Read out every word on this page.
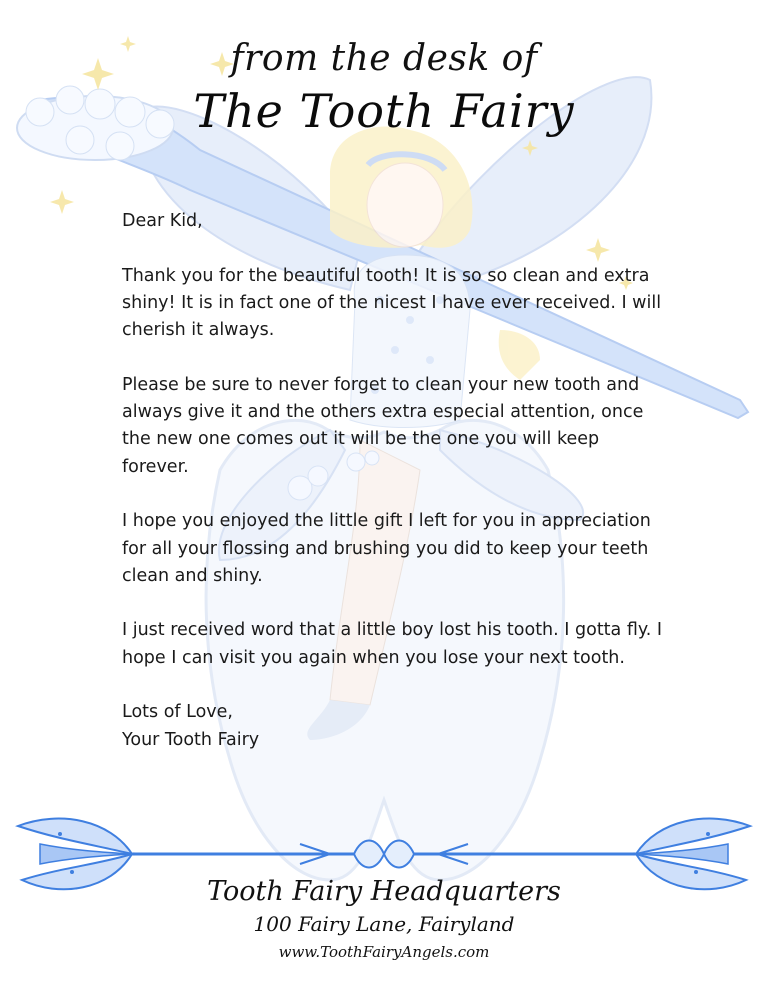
from the desk of
The Tooth Fairy

Dear Kid,

Thank you for the beautiful tooth! It is so so clean and extra shiny! It is in fact one of the nicest I have ever received. I will cherish it always.

Please be sure to never forget to clean your new tooth and always give it and the others extra especial attention, once the new one comes out it will be the one you will keep forever.

I hope you enjoyed the little gift I left for you in appreciation for all your flossing and brushing you did to keep your teeth clean and shiny.

I just received word that a little boy lost his tooth. I gotta fly. I hope I can visit you again when you lose your next tooth.

Lots of Love,

Your Tooth Fairy

Tooth Fairy Headquarters
100 Fairy Lane, Fairyland
www.ToothFairyAngels.com
